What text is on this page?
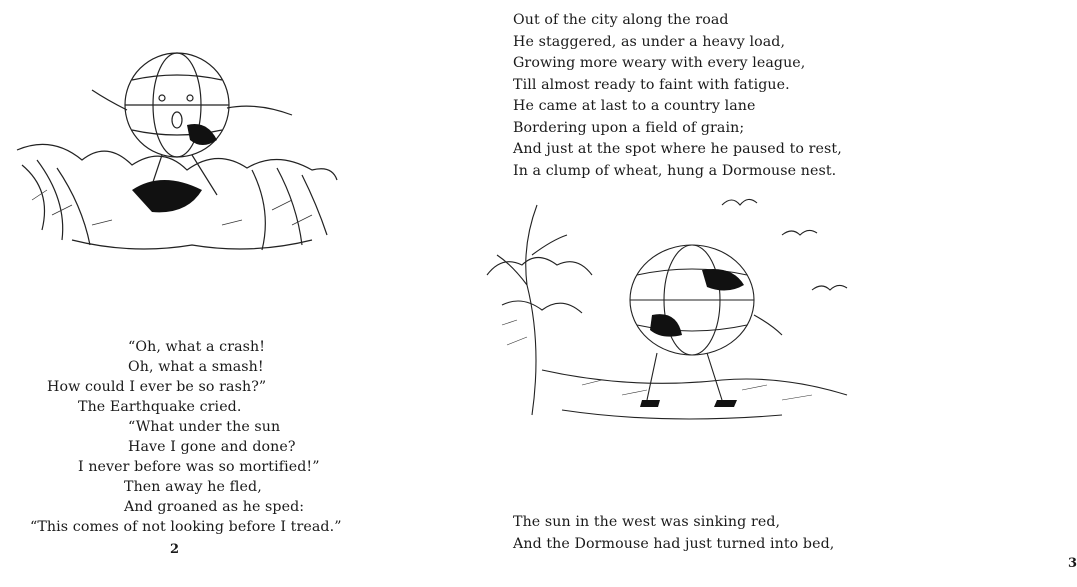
“Oh, what a crash!
Oh, what a smash!
How could I ever be so rash?”
The Earthquake cried.
“What under the sun
Have I gone and done?
I never before was so mortified!”
Then away he fled,
And groaned as he sped:
“This comes of not looking before I tread.”
2
Out of the city along the road
He staggered, as under a heavy load,
Growing more weary with every league,
Till almost ready to faint with fatigue.
He came at last to a country lane
Bordering upon a field of grain;
And just at the spot where he paused to rest,
In a clump of wheat, hung a Dormouse nest.
The sun in the west was sinking red,
And the Dormouse had just turned into bed,
3
